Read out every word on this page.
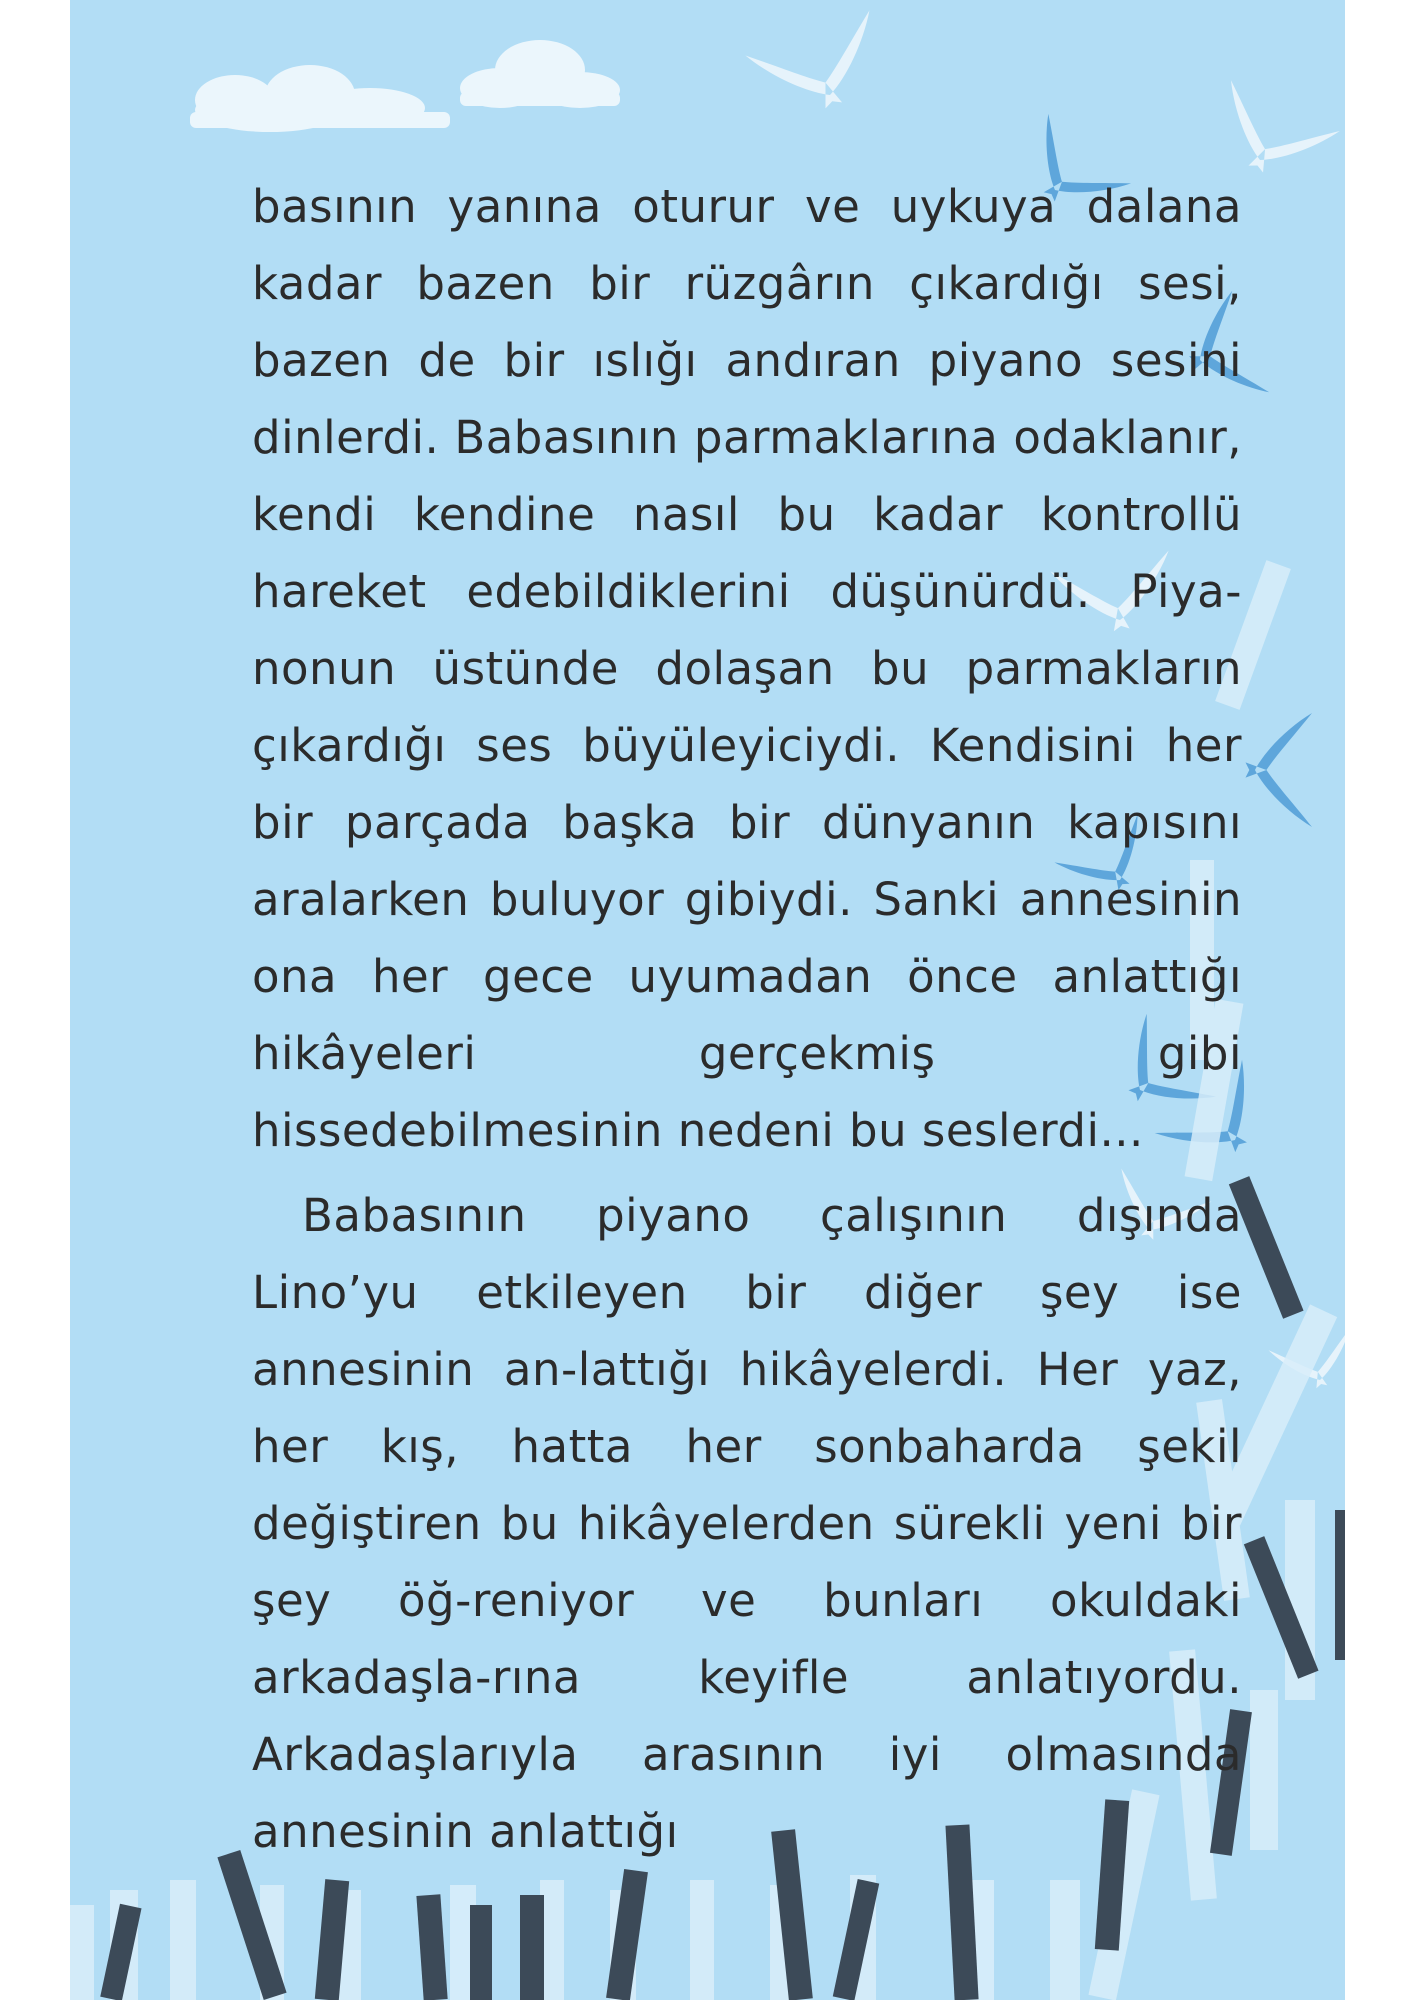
basının yanına oturur ve uykuya dalana kadar bazen bir rüzgârın çıkardığı sesi, bazen de bir ıslığı andıran piyano sesini dinlerdi. Babasının parmaklarına odaklanır, kendi kendine nasıl bu kadar kontrollü hareket edebildiklerini düşünürdü. Piya-nonun üstünde dolaşan bu parmakların çıkardığı ses büyüleyiciydi. Kendisini her bir parçada başka bir dünyanın kapısını aralarken buluyor gibiydi. Sanki annesinin ona her gece uyumadan önce anlattığı hikâyeleri gerçekmiş gibi hissedebilmesinin nedeni bu seslerdi...

Babasının piyano çalışının dışında Lino’yu etkileyen bir diğer şey ise annesinin an-lattığı hikâyelerdi. Her yaz, her kış, hatta her sonbaharda şekil değiştiren bu hikâyelerden sürekli yeni bir şey öğ-reniyor ve bunları okuldaki arkadaşla-rına keyifle anlatıyordu. Arkadaşlarıyla arasının iyi olmasında annesinin anlattığı
